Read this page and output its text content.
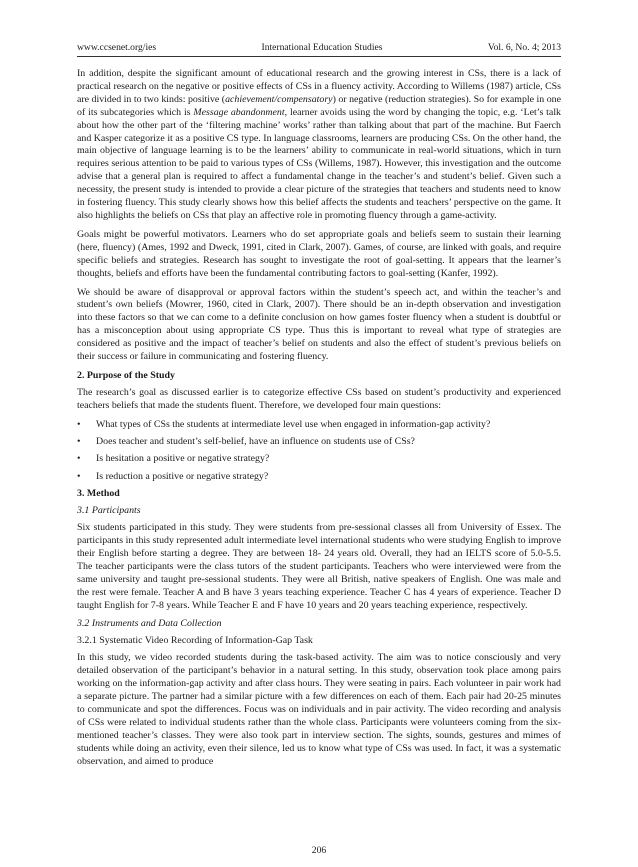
www.ccsenet.org/ies	International Education Studies	Vol. 6, No. 4; 2013

In addition, despite the significant amount of educational research and the growing interest in CSs, there is a lack of practical research on the negative or positive effects of CSs in a fluency activity. According to Willems (1987) article, CSs are divided in to two kinds: positive (achievement/compensatory) or negative (reduction strategies). So for example in one of its subcategories which is Message abandonment, learner avoids using the word by changing the topic, e.g. ‘Let’s talk about how the other part of the ‘filtering machine’ works’ rather than talking about that part of the machine. But Faerch and Kasper categorize it as a positive CS type. In language classrooms, learners are producing CSs. On the other hand, the main objective of language learning is to be the learners’ ability to communicate in real-world situations, which in turn requires serious attention to be paid to various types of CSs (Willems, 1987). However, this investigation and the outcome advise that a general plan is required to affect a fundamental change in the teacher’s and student’s belief. Given such a necessity, the present study is intended to provide a clear picture of the strategies that teachers and students need to know in fostering fluency. This study clearly shows how this belief affects the students and teachers’ perspective on the game. It also highlights the beliefs on CSs that play an affective role in promoting fluency through a game-activity.

Goals might be powerful motivators. Learners who do set appropriate goals and beliefs seem to sustain their learning (here, fluency) (Ames, 1992 and Dweck, 1991, cited in Clark, 2007). Games, of course, are linked with goals, and require specific beliefs and strategies. Research has sought to investigate the root of goal-setting. It appears that the learner’s thoughts, beliefs and efforts have been the fundamental contributing factors to goal-setting (Kanfer, 1992).

We should be aware of disapproval or approval factors within the student’s speech act, and within the teacher’s and student’s own beliefs (Mowrer, 1960, cited in Clark, 2007). There should be an in-depth observation and investigation into these factors so that we can come to a definite conclusion on how games foster fluency when a student is doubtful or has a misconception about using appropriate CS type. Thus this is important to reveal what type of strategies are considered as positive and the impact of teacher’s belief on students and also the effect of student’s previous beliefs on their success or failure in communicating and fostering fluency.

2. Purpose of the Study

The research’s goal as discussed earlier is to categorize effective CSs based on student’s productivity and experienced teachers beliefs that made the students fluent. Therefore, we developed four main questions:

• What types of CSs the students at intermediate level use when engaged in information-gap activity?
• Does teacher and student’s self-belief, have an influence on students use of CSs?
• Is hesitation a positive or negative strategy?
• Is reduction a positive or negative strategy?
3. Method
3.1 Participants

Six students participated in this study. They were students from pre-sessional classes all from University of Essex. The participants in this study represented adult intermediate level international students who were studying English to improve their English before starting a degree. They are between 18- 24 years old. Overall, they had an IELTS score of 5.0-5.5. The teacher participants were the class tutors of the student participants. Teachers who were interviewed were from the same university and taught pre-sessional students. They were all British, native speakers of English. One was male and the rest were female. Teacher A and B have 3 years teaching experience. Teacher C has 4 years of experience. Teacher D taught English for 7-8 years. While Teacher E and F have 10 years and 20 years teaching experience, respectively.

3.2 Instruments and Data Collection
3.2.1 Systematic Video Recording of Information-Gap Task

In this study, we video recorded students during the task-based activity. The aim was to notice consciously and very detailed observation of the participant’s behavior in a natural setting. In this study, observation took place among pairs working on the information-gap activity and after class hours. They were seating in pairs. Each volunteer in pair work had a separate picture. The partner had a similar picture with a few differences on each of them. Each pair had 20-25 minutes to communicate and spot the differences. Focus was on individuals and in pair activity. The video recording and analysis of CSs were related to individual students rather than the whole class. Participants were volunteers coming from the six-mentioned teacher’s classes. They were also took part in interview section. The sights, sounds, gestures and mimes of students while doing an activity, even their silence, led us to know what type of CSs was used. In fact, it was a systematic observation, and aimed to produce

206
